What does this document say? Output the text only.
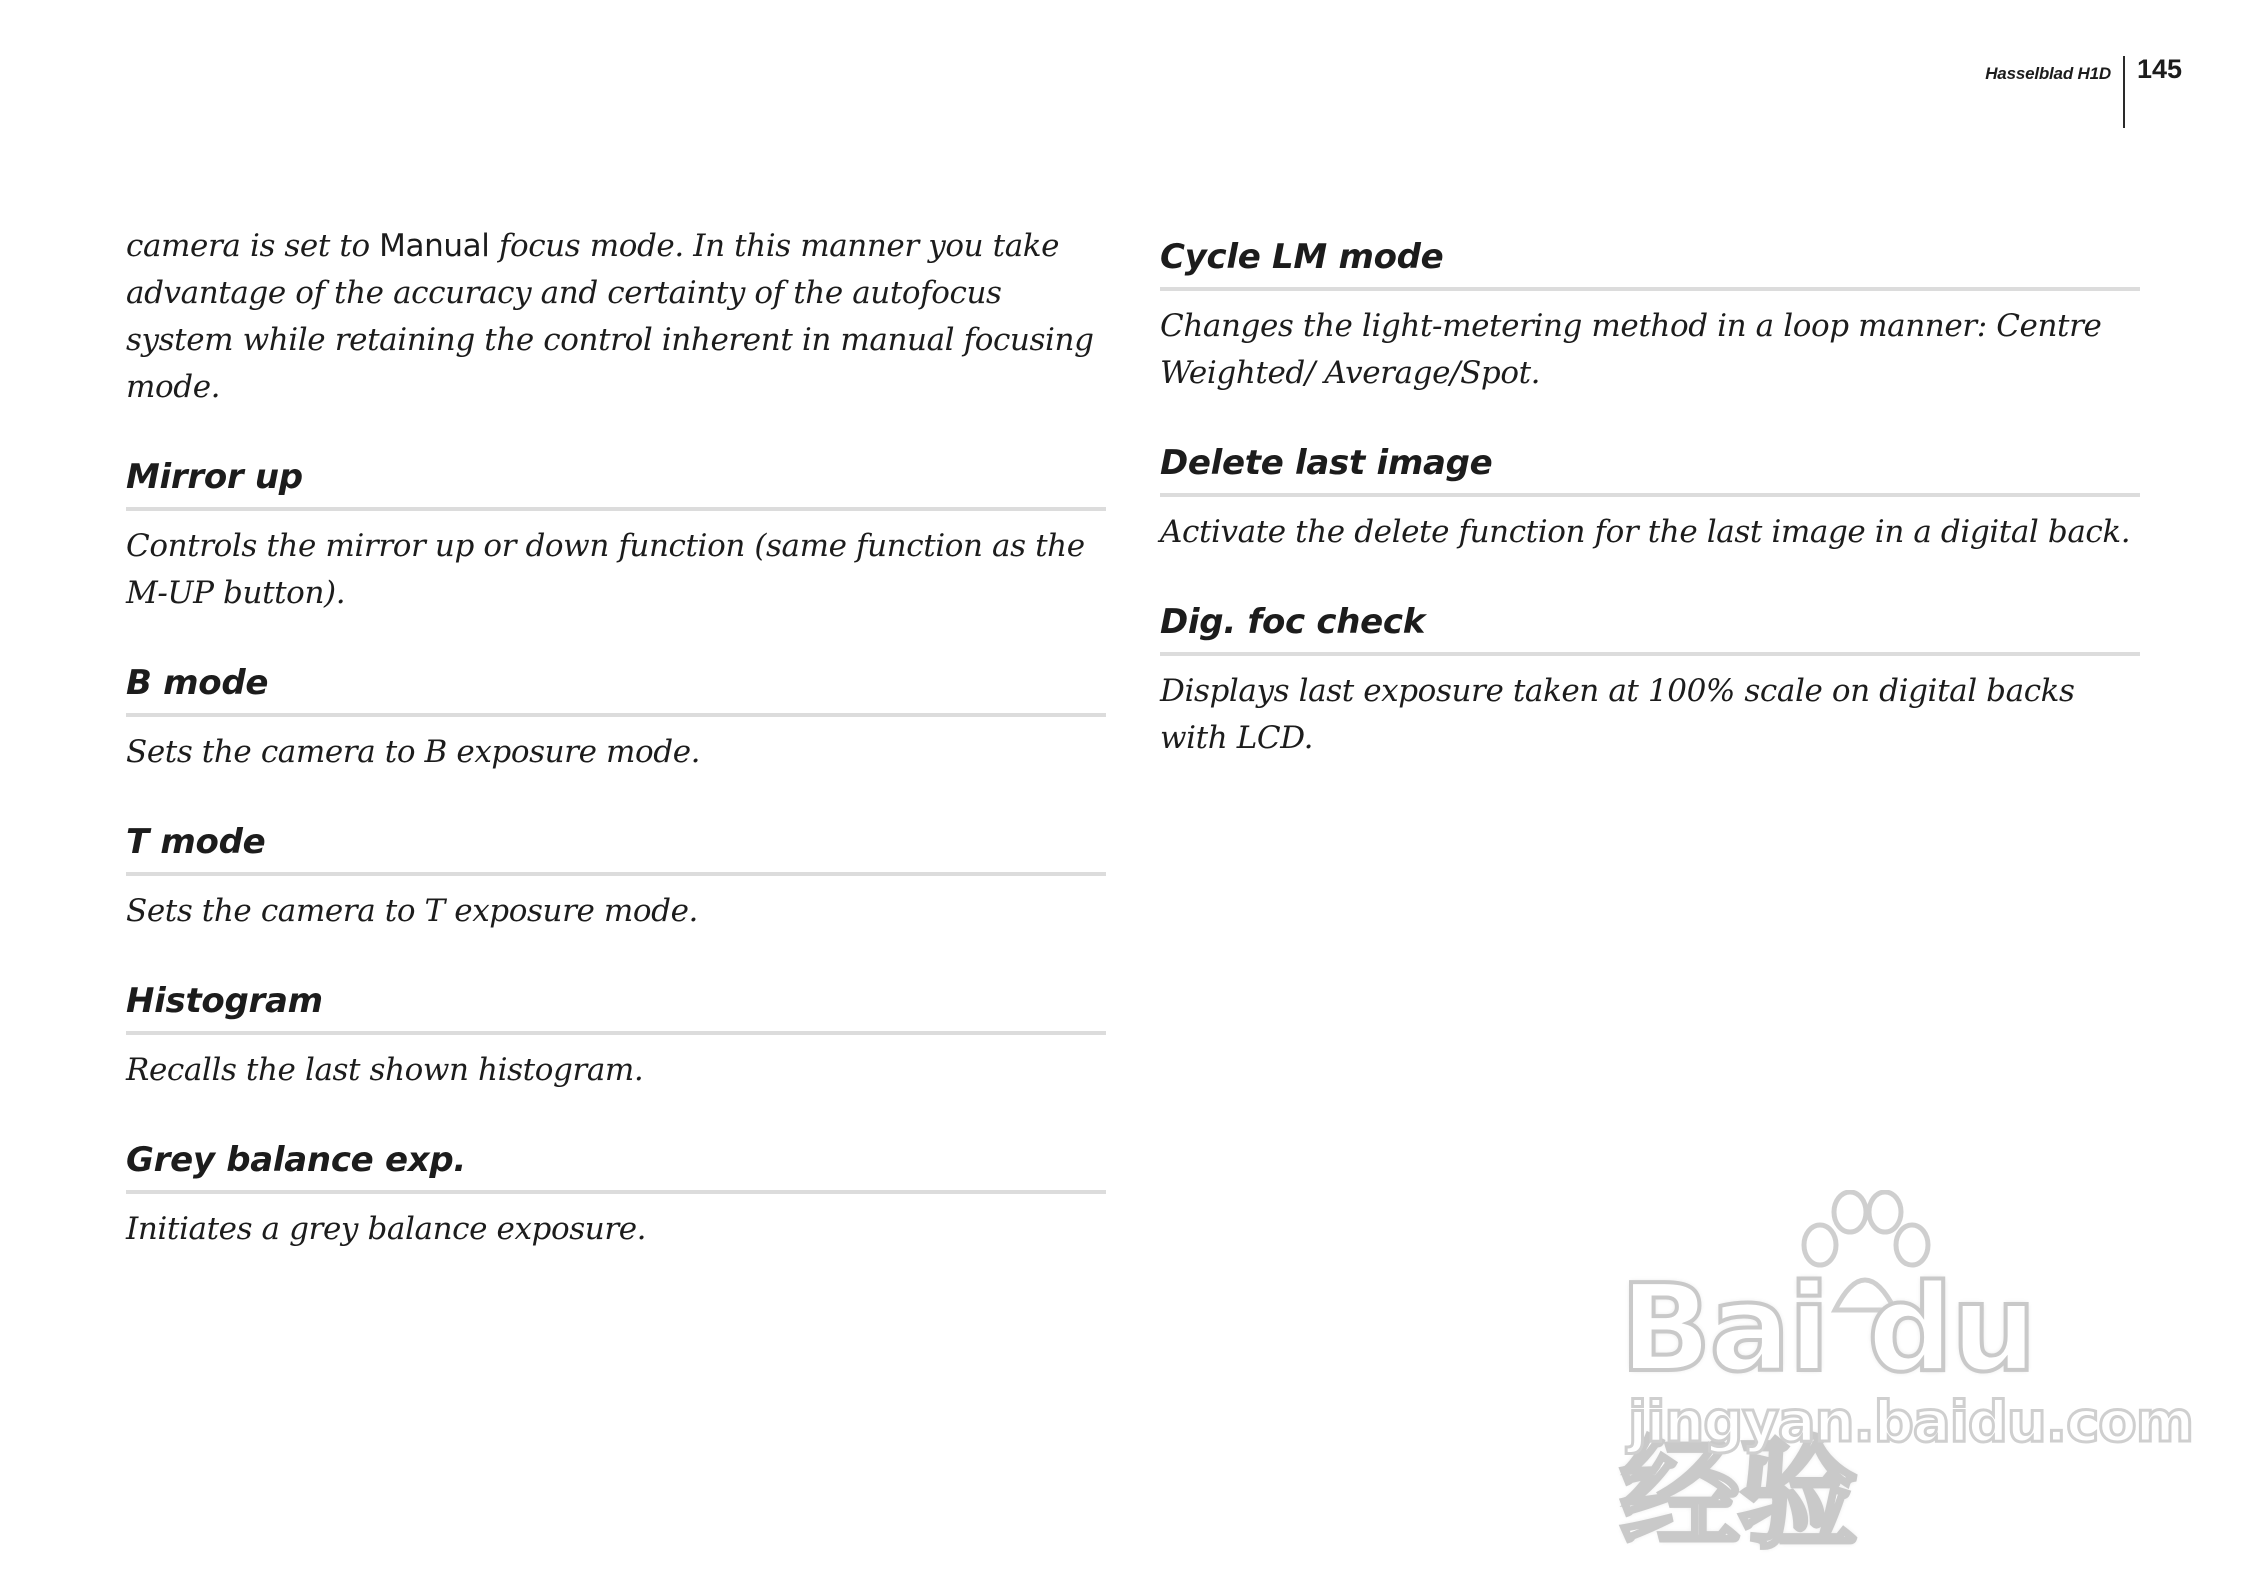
Hasselblad H1D 145

camera is set to Manual focus mode. In this manner you take advantage of the accuracy and certainty of the autofocus system while retaining the control inherent in manual focusing mode.

Mirror up

Controls the mirror up or down function (same function as the M-UP button).

B mode

Sets the camera to B exposure mode.

T mode

Sets the camera to T exposure mode.

Histogram

Recalls the last shown histogram.

Grey balance exp.

Initiates a grey balance exposure.

Cycle LM mode

Changes the light-metering method in a loop manner: Centre Weighted/ Average/Spot.

Delete last image

Activate the delete function for the last image in a digital back.

Dig. foc check

Displays last exposure taken at 100% scale on digital backs with LCD.

Bai du 经验
jingyan.baidu.com
